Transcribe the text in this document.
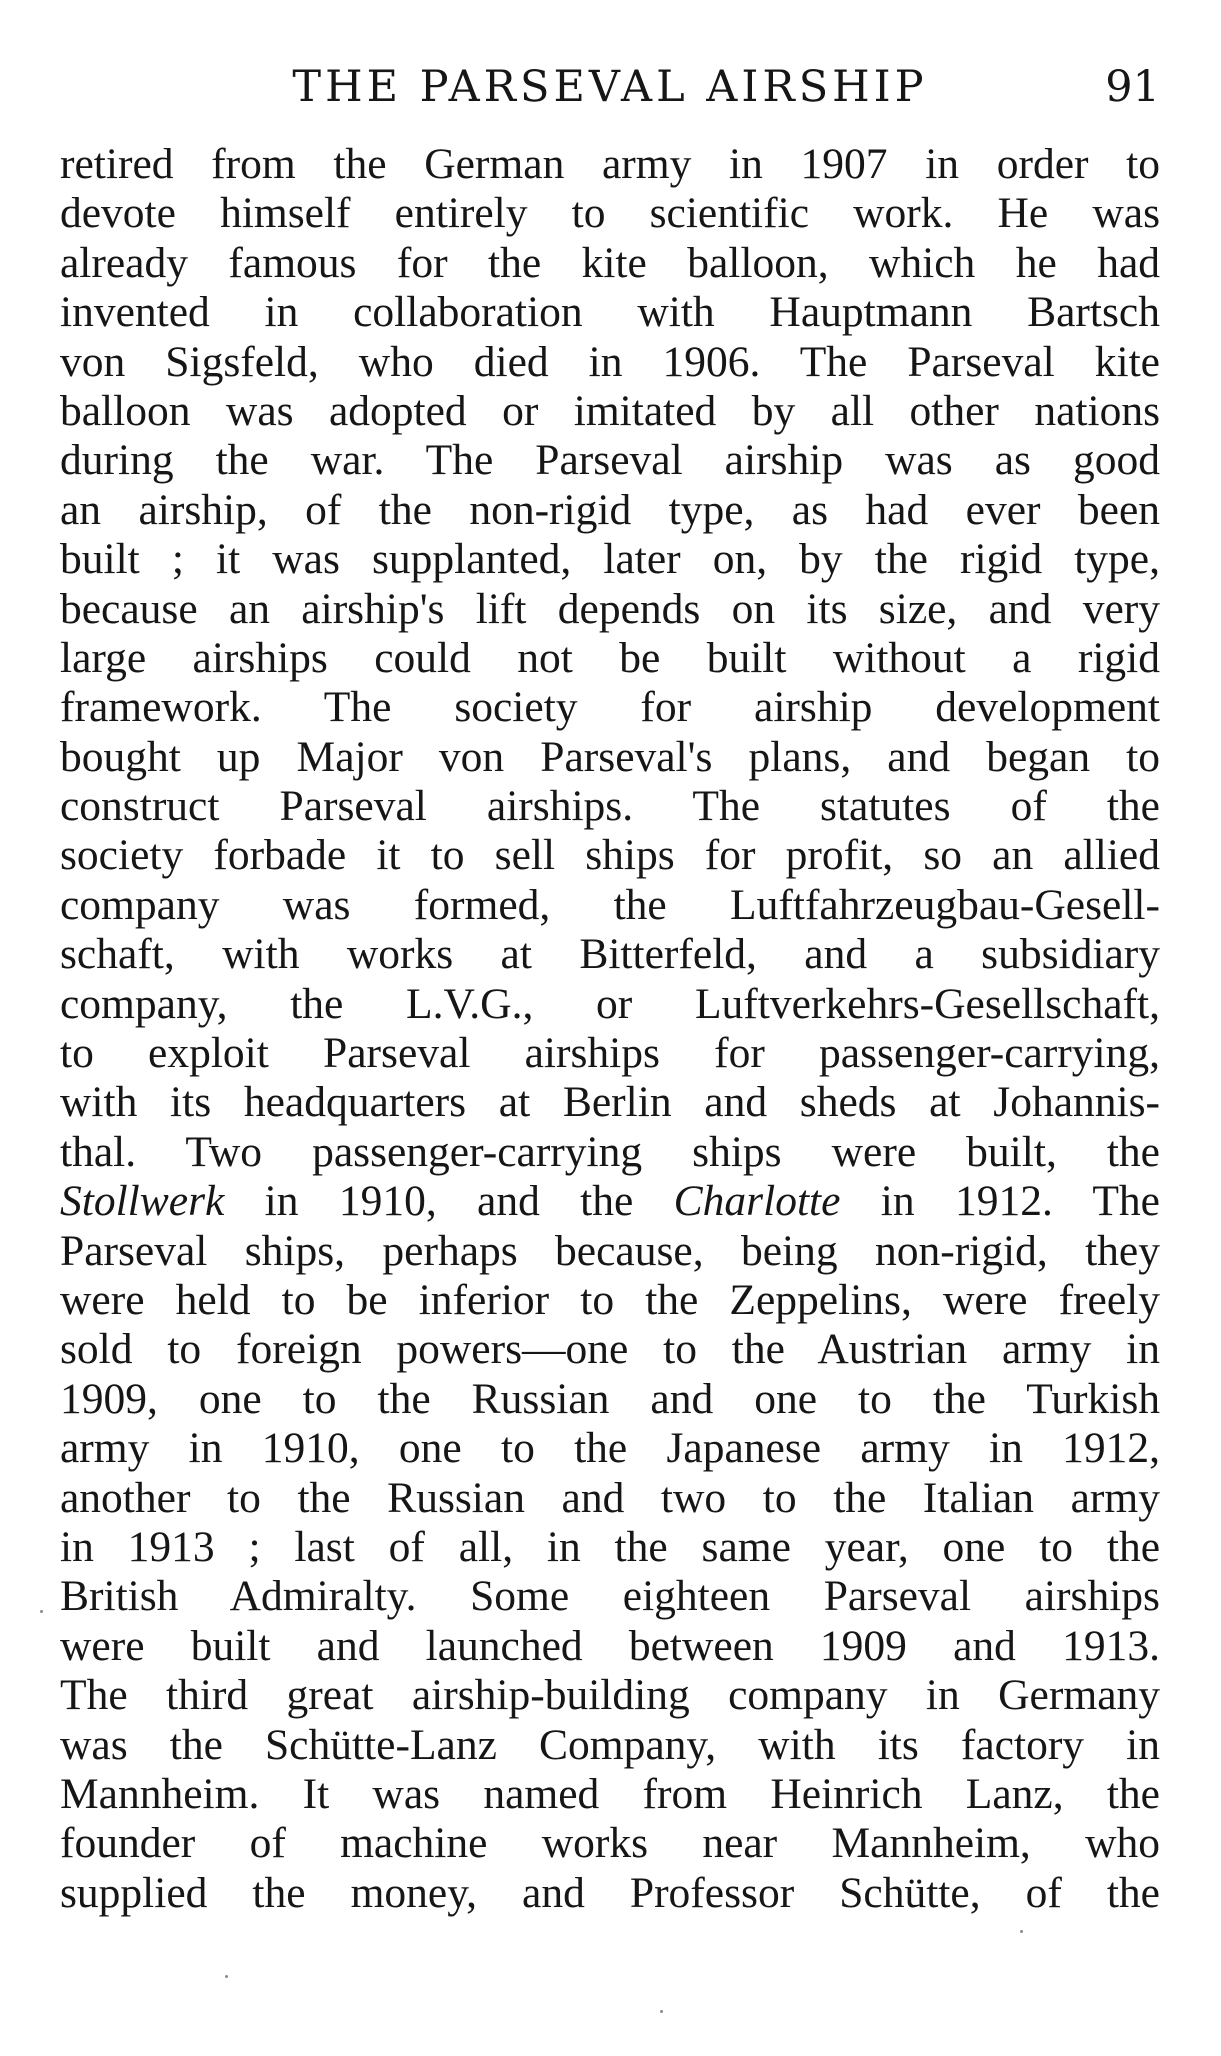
THE PARSEVAL AIRSHIP	91
retired from the German army in 1907 in order to
devote himself entirely to scientific work. He was
already famous for the kite balloon, which he had
invented in collaboration with Hauptmann Bartsch
von Sigsfeld, who died in 1906. The Parseval kite
balloon was adopted or imitated by all other nations
during the war. The Parseval airship was as good
an airship, of the non-rigid type, as had ever been
built ; it was supplanted, later on, by the rigid type,
because an airship's lift depends on its size, and very
large airships could not be built without a rigid
framework. The society for airship development
bought up Major von Parseval's plans, and began to
construct Parseval airships. The statutes of the
society forbade it to sell ships for profit, so an allied
company was formed, the Luftfahrzeugbau-Gesell-
schaft, with works at Bitterfeld, and a subsidiary
company, the L.V.G., or Luftverkehrs-Gesellschaft,
to exploit Parseval airships for passenger-carrying,
with its headquarters at Berlin and sheds at Johannis-
thal. Two passenger-carrying ships were built, the
Stollwerk in 1910, and the Charlotte in 1912. The
Parseval ships, perhaps because, being non-rigid, they
were held to be inferior to the Zeppelins, were freely
sold to foreign powers—one to the Austrian army in
1909, one to the Russian and one to the Turkish
army in 1910, one to the Japanese army in 1912,
another to the Russian and two to the Italian army
in 1913 ; last of all, in the same year, one to the
British Admiralty. Some eighteen Parseval airships
were built and launched between 1909 and 1913.
The third great airship-building company in Germany
was the Schütte-Lanz Company, with its factory in
Mannheim. It was named from Heinrich Lanz, the
founder of machine works near Mannheim, who
supplied the money, and Professor Schütte, of the
